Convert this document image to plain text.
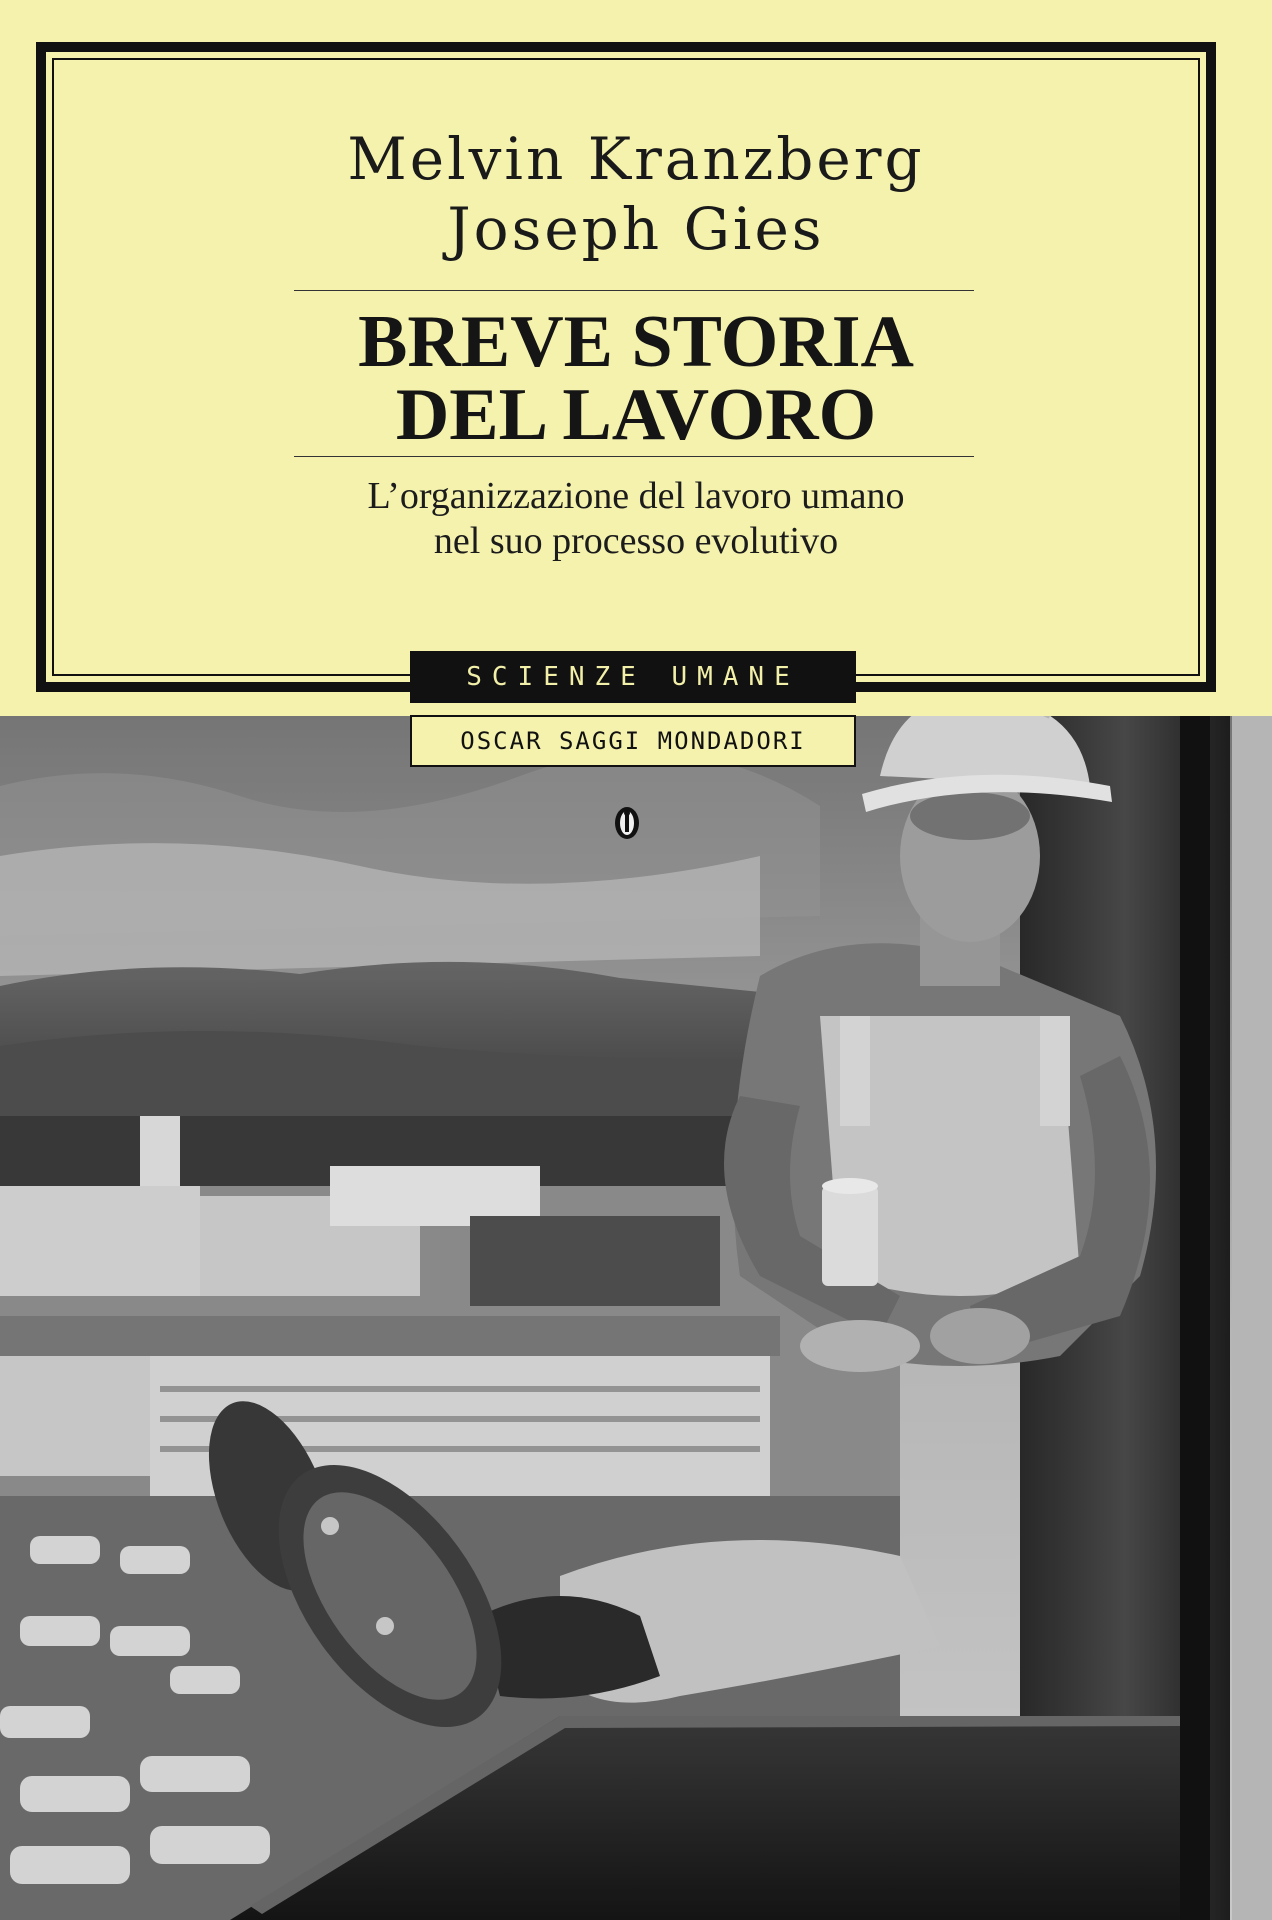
Melvin Kranzberg
Joseph Gies
BREVE STORIA
DEL LAVORO
L’organizzazione del lavoro umano
nel suo processo evolutivo
SCIENZE UMANE
OSCAR SAGGI MONDADORI
